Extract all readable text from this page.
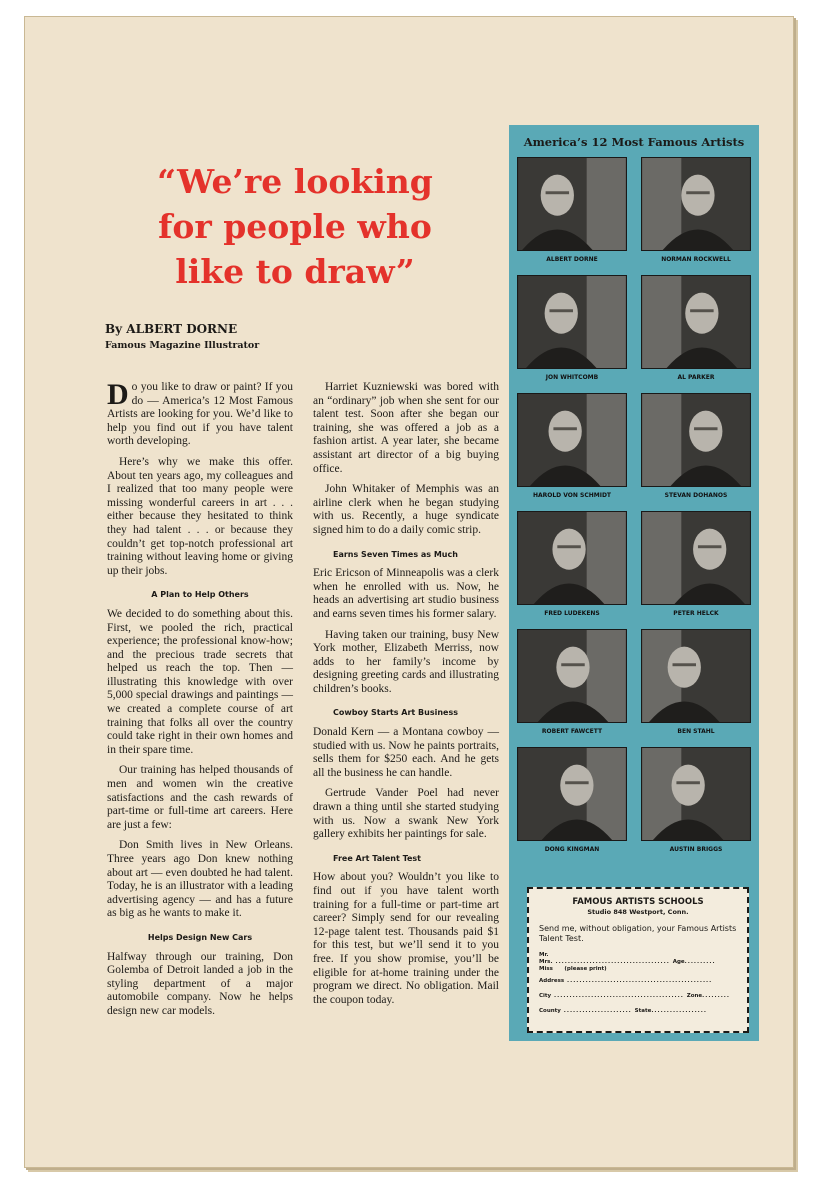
“We’re looking
for people who
like to draw”
By ALBERT DORNE
Famous Magazine Illustrator

Do you like to draw or paint? If you do — America’s 12 Most Famous Artists are looking for you. We’d like to help you find out if you have talent worth developing.

Here’s why we make this offer. About ten years ago, my colleagues and I realized that too many people were missing wonderful careers in art . . . either because they hesitated to think they had talent . . . or because they couldn’t get top-notch professional art training without leaving home or giving up their jobs.

A Plan to Help Others

We decided to do something about this. First, we pooled the rich, practical experience; the professional know-how; and the precious trade secrets that helped us reach the top. Then — illustrating this knowledge with over 5,000 special drawings and paintings — we created a complete course of art training that folks all over the country could take right in their own homes and in their spare time.

Our training has helped thousands of men and women win the creative satisfactions and the cash rewards of part-time or full-time art careers. Here are just a few:

Don Smith lives in New Orleans. Three years ago Don knew nothing about art — even doubted he had talent. Today, he is an illustrator with a leading advertising agency — and has a future as big as he wants to make it.

Helps Design New Cars

Halfway through our training, Don Golemba of Detroit landed a job in the styling department of a major automobile company. Now he helps design new car models.

Harriet Kuzniewski was bored with an “ordinary” job when she sent for our talent test. Soon after she began our training, she was offered a job as a fashion artist. A year later, she became assistant art director of a big buying office.

John Whitaker of Memphis was an airline clerk when he began studying with us. Recently, a huge syndicate signed him to do a daily comic strip.

Earns Seven Times as Much

Eric Ericson of Minneapolis was a clerk when he enrolled with us. Now, he heads an advertising art studio business and earns seven times his former salary.

Having taken our training, busy New York mother, Elizabeth Merriss, now adds to her family’s income by designing greeting cards and illustrating children’s books.

Cowboy Starts Art Business

Donald Kern — a Montana cowboy — studied with us. Now he paints portraits, sells them for $250 each. And he gets all the business he can handle.

Gertrude Vander Poel had never drawn a thing until she started studying with us. Now a swank New York gallery exhibits her paintings for sale.

Free Art Talent Test

How about you? Wouldn’t you like to find out if you have talent worth training for a full-time or part-time art career? Simply send for our revealing 12-page talent test. Thousands paid $1 for this test, but we’ll send it to you free. If you show promise, you’ll be eligible for at-home training under the program we direct. No obligation. Mail the coupon today.

America’s 12 Most Famous Artists
ALBERT DORNE	NORMAN ROCKWELL
JON WHITCOMB	AL PARKER
HAROLD VON SCHMIDT	STEVAN DOHANOS
FRED LUDEKENS	PETER HELCK
ROBERT FAWCETT	BEN STAHL
DONG KINGMAN	AUSTIN BRIGGS
FAMOUS ARTISTS SCHOOLS
Studio 848 Westport, Conn.
Send me, without obligation, your Famous Artists Talent Test.
Mr.
Mrs. ..................................... Age..........
Miss (please print)
Address ...............................................
City .......................................... Zone.........
County ...................... State..................
